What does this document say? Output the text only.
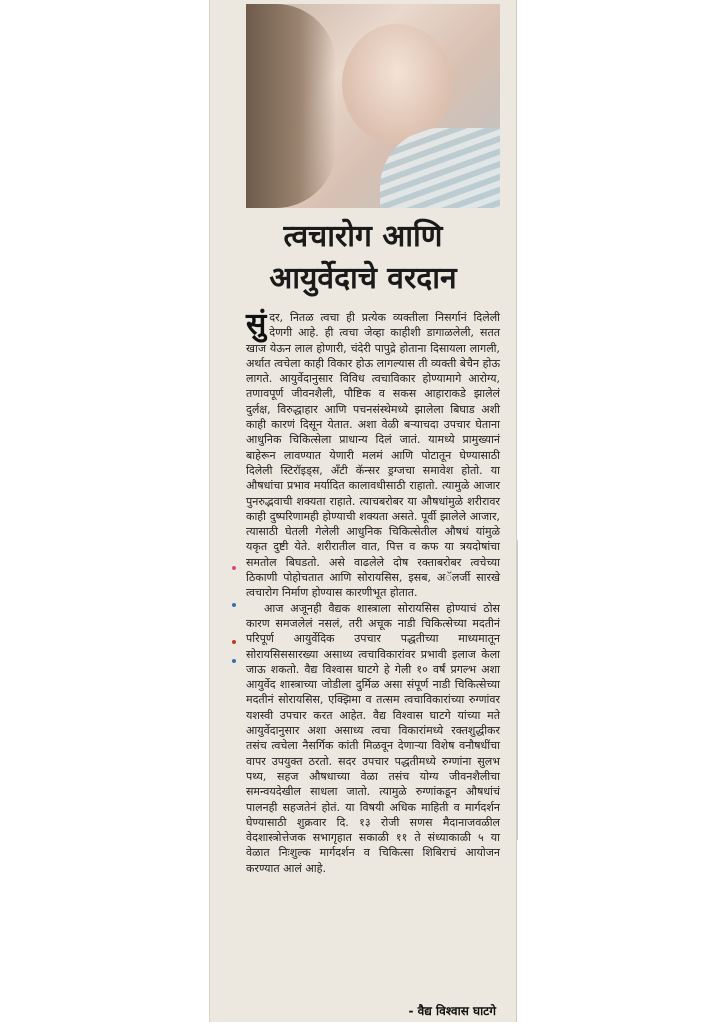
त्वचारोग आणि
आयुर्वेदाचे वरदान

सुंदर, नितळ त्वचा ही प्रत्येक व्यक्तीला निसर्गानं दिलेली देणगी आहे. ही त्वचा जेव्हा काहीशी डागाळलेली, सतत खाज येऊन लाल होणारी, चंदेरी पापुद्रे होताना दिसायला लागली, अर्थात त्वचेला काही विकार होऊ लागल्यास ती व्यक्ती बेचैन होऊ लागते. आयुर्वेदानुसार विविध त्वचाविकार होण्यामागे आरोग्य, तणावपूर्ण जीवनशैली, पौष्टिक व सकस आहाराकडे झालेलं दुर्लक्ष, विरुद्धाहार आणि पचनसंस्थेमध्ये झालेला बिघाड अशी काही कारणं दिसून येतात. अशा वेळी बऱ्याचदा उपचार घेताना आधुनिक चिकित्सेला प्राधान्य दिलं जातं. यामध्ये प्रामुख्यानं बाहेरून लावण्यात येणारी मलमं आणि पोटातून घेण्यासाठी दिलेली स्टिरॉइड्स, अँटी कॅन्सर ड्रग्जचा समावेश होतो. या औषधांचा प्रभाव मर्यादित कालावधीसाठी राहातो. त्यामुळे आजार पुनरुद्भवाची शक्यता राहाते. त्याचबरोबर या औषधांमुळे शरीरावर काही दुष्परिणामही होण्याची शक्यता असते. पूर्वी झालेले आजार, त्यासाठी घेतली गेलेली आधुनिक चिकित्सेतील औषधं यांमुळे यकृत दुष्टी येते. शरीरातील वात, पित्त व कफ या त्रयदोषांचा समतोल बिघडतो. असे वाढलेले दोष रक्ताबरोबर त्वचेच्या ठिकाणी पोहोचतात आणि सोरायसिस, इसब, अॅलर्जी सारखे त्वचारोग निर्माण होण्यास कारणीभूत होतात.

आज अजूनही वैद्यक शास्त्राला सोरायसिस होण्याचं ठोस कारण समजलेलं नसलं, तरी अचूक नाडी चिकित्सेच्या मदतीनं परिपूर्ण आयुर्वेदिक उपचार पद्धतीच्या माध्यमातून सोरायसिससारख्या असाध्य त्वचाविकारांवर प्रभावी इलाज केला जाऊ शकतो. वैद्य विश्वास घाटगे हे गेली १० वर्षं प्रगल्भ अशा आयुर्वेद शास्त्राच्या जोडीला दुर्मिळ असा संपूर्ण नाडी चिकित्सेच्या मदतीनं सोरायसिस, एक्झिमा व तत्सम त्वचाविकारांच्या रुग्णांवर यशस्वी उपचार करत आहेत. वैद्य विश्वास घाटगे यांच्या मते आयुर्वेदानुसार अशा असाध्य त्वचा विकारांमध्ये रक्तशुद्धीकर तसंच त्वचेला नैसर्गिक कांती मिळवून देणाऱ्या विशेष वनौषधींचा वापर उपयुक्त ठरतो. सदर उपचार पद्धतीमध्ये रुग्णांना सुलभ पथ्य, सहज औषधाच्या वेळा तसंच योग्य जीवनशैलीचा समन्वयदेखील साधला जातो. त्यामुळे रुग्णांकडून औषधांचं पालनही सहजतेनं होतं. या विषयी अधिक माहिती व मार्गदर्शन घेण्यासाठी शुक्रवार दि. १३ रोजी सणस मैदानाजवळील वेदशास्त्रोत्तेजक सभागृहात सकाळी ११ ते संध्याकाळी ५ या वेळात निःशुल्क मार्गदर्शन व चिकित्सा शिबिराचं आयोजन करण्यात आलं आहे.

- वैद्य विश्वास घाटगे
